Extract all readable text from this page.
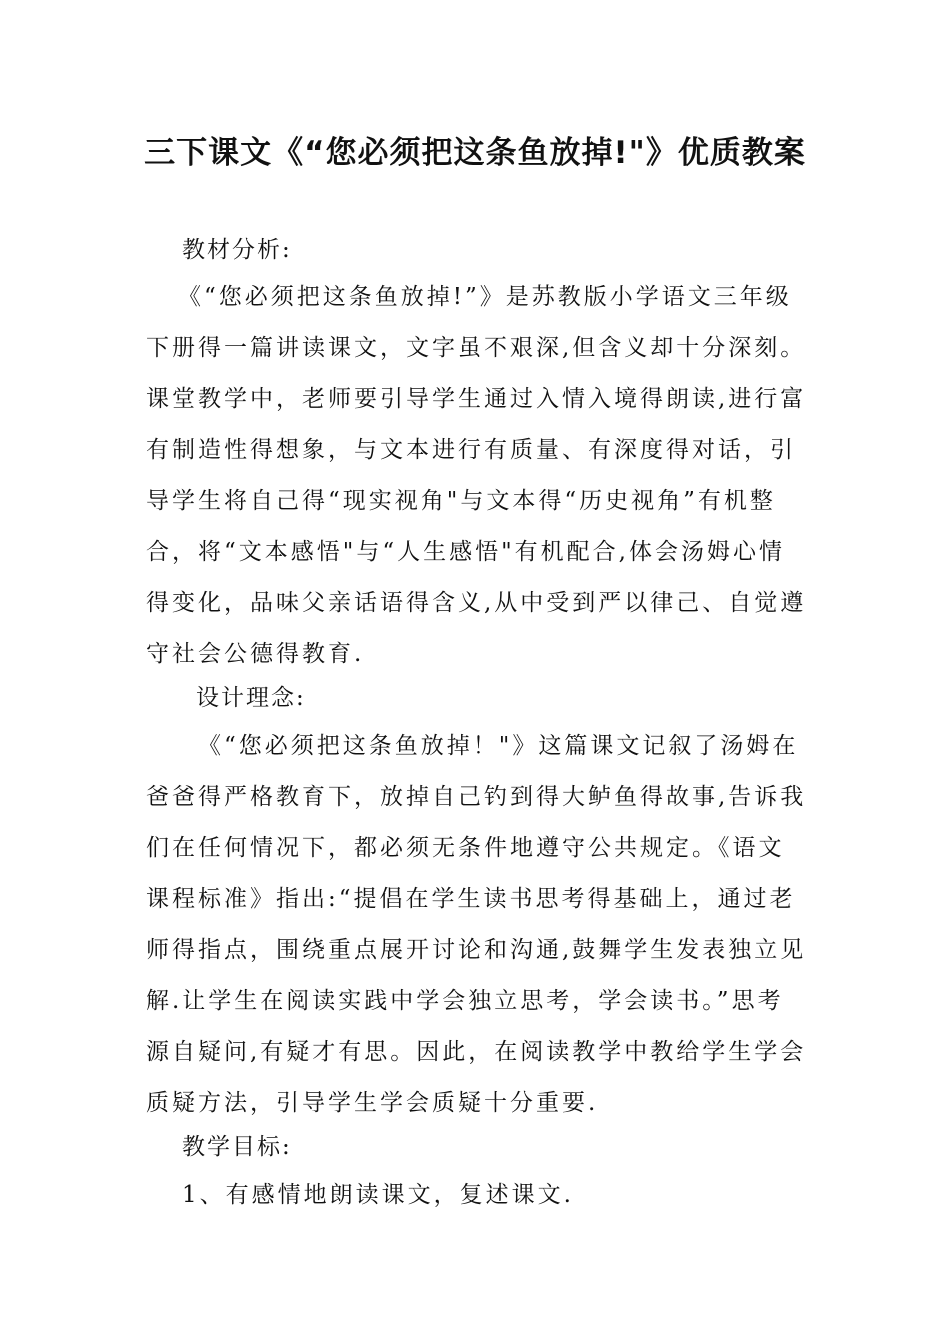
三下课文《“您必须把这条鱼放掉!"》优质教案
教材分析:
《“您必须把这条鱼放掉!”》是苏教版小学语文三年级
下册得一篇讲读课文，文字虽不艰深,但含义却十分深刻。
课堂教学中，老师要引导学生通过入情入境得朗读,进行富
有制造性得想象，与文本进行有质量、有深度得对话，引
导学生将自己得“现实视角"与文本得“历史视角”有机整
合，将“文本感悟"与“人生感悟"有机配合,体会汤姆心情
得变化，品味父亲话语得含义,从中受到严以律己、自觉遵
守社会公德得教育.
设计理念:
《“您必须把这条鱼放掉！"》这篇课文记叙了汤姆在
爸爸得严格教育下，放掉自己钓到得大鲈鱼得故事,告诉我
们在任何情况下，都必须无条件地遵守公共规定。《语文
课程标准》指出:“提倡在学生读书思考得基础上，通过老
师得指点，围绕重点展开讨论和沟通,鼓舞学生发表独立见
解.让学生在阅读实践中学会独立思考，学会读书。”思考
源自疑问,有疑才有思。因此，在阅读教学中教给学生学会
质疑方法，引导学生学会质疑十分重要.
教学目标:
1、有感情地朗读课文，复述课文.
